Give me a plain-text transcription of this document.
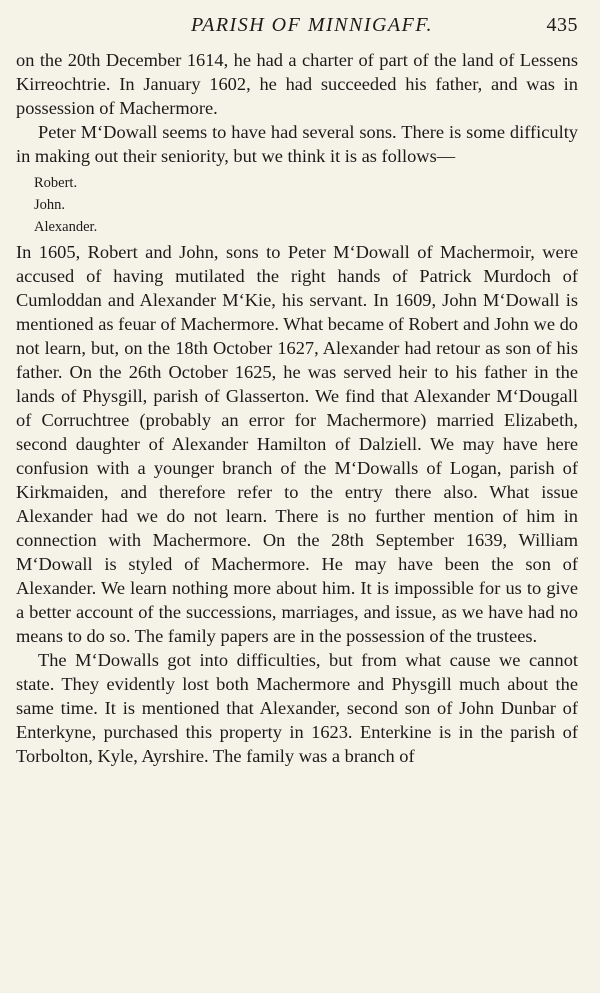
PARISH OF MINNIGAFF.	435

on the 20th December 1614, he had a charter of part of the land of Lessens Kirreochtrie. In January 1602, he had succeeded his father, and was in possession of Machermore.

Peter M‘Dowall seems to have had several sons. There is some difficulty in making out their seniority, but we think it is as follows—

Robert.
John.
Alexander.

In 1605, Robert and John, sons to Peter M‘Dowall of Machermoir, were accused of having mutilated the right hands of Patrick Murdoch of Cumloddan and Alexander M‘Kie, his servant. In 1609, John M‘Dowall is mentioned as feuar of Machermore. What became of Robert and John we do not learn, but, on the 18th October 1627, Alexander had retour as son of his father. On the 26th October 1625, he was served heir to his father in the lands of Physgill, parish of Glasserton. We find that Alexander M‘Dougall of Corruchtree (probably an error for Machermore) married Elizabeth, second daughter of Alexander Hamilton of Dalziell. We may have here confusion with a younger branch of the M‘Dowalls of Logan, parish of Kirkmaiden, and therefore refer to the entry there also. What issue Alexander had we do not learn. There is no further mention of him in connection with Machermore. On the 28th September 1639, William M‘Dowall is styled of Machermore. He may have been the son of Alexander. We learn nothing more about him. It is impossible for us to give a better account of the successions, marriages, and issue, as we have had no means to do so. The family papers are in the possession of the trustees.

The M‘Dowalls got into difficulties, but from what cause we cannot state. They evidently lost both Machermore and Physgill much about the same time. It is mentioned that Alexander, second son of John Dunbar of Enterkyne, purchased this property in 1623. Enterkine is in the parish of Torbolton, Kyle, Ayrshire. The family was a branch of
